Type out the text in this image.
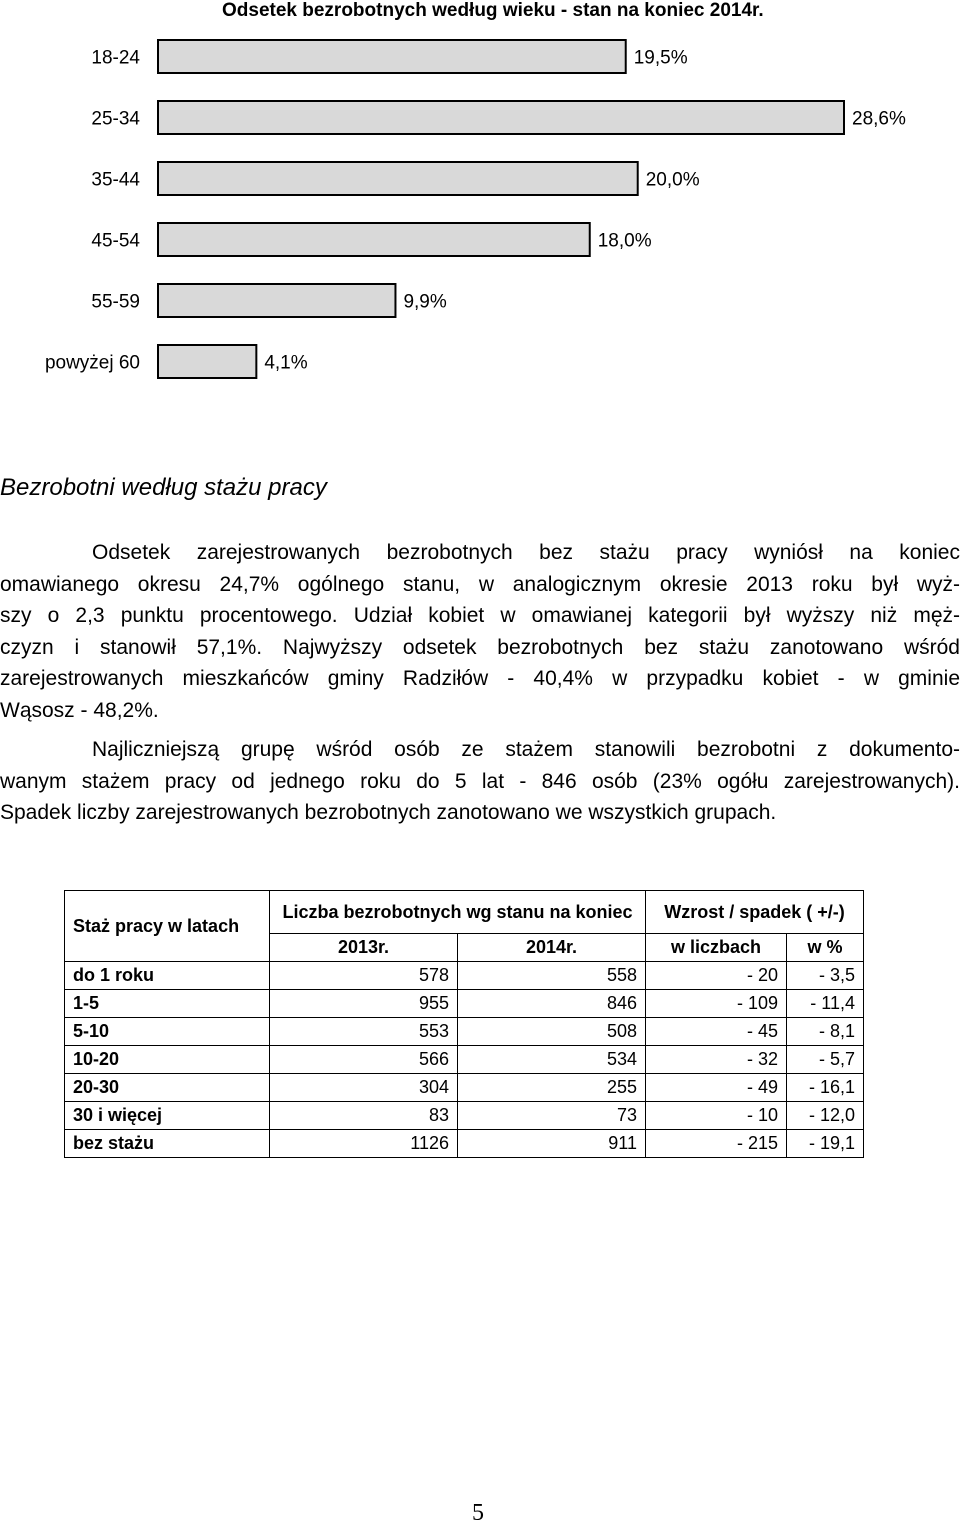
Odsetek bezrobotnych według wieku - stan na koniec 2014r.
18-24	19,5%
25-34	28,6%
35-44	20,0%
45-54	18,0%
55-59	9,9%
powyżej 60	4,1%
Bezrobotni według stażu pracy
Odsetek zarejestrowanych bezrobotnych bez stażu pracy wyniósł na koniec
omawianego okresu 24,7% ogólnego stanu, w analogicznym okresie 2013 roku był wyż-
szy o 2,3 punktu procentowego. Udział kobiet w omawianej kategorii był wyższy niż męż-
czyzn i stanowił 57,1%. Najwyższy odsetek bezrobotnych bez stażu zanotowano wśród
zarejestrowanych mieszkańców gminy Radziłów - 40,4% w przypadku kobiet - w gminie
Wąsosz - 48,2%.
Najliczniejszą grupę wśród osób ze stażem stanowili bezrobotni z dokumento-
wanym stażem pracy od jednego roku do 5 lat - 846 osób (23% ogółu zarejestrowanych).
Spadek liczby zarejestrowanych bezrobotnych zanotowano we wszystkich grupach.
Staż pracy w latach	Liczba bezrobotnych wg stanu na koniec		Wzrost / spadek ( +/-)	
	2013r.	2014r.	w liczbach	w %
do 1 roku	578	558	- 20	- 3,5
1-5	955	846	- 109	- 11,4
5-10	553	508	- 45	- 8,1
10-20	566	534	- 32	- 5,7
20-30	304	255	- 49	- 16,1
30 i więcej	83	73	- 10	- 12,0
bez stażu	1126	911	- 215	- 19,1
5
